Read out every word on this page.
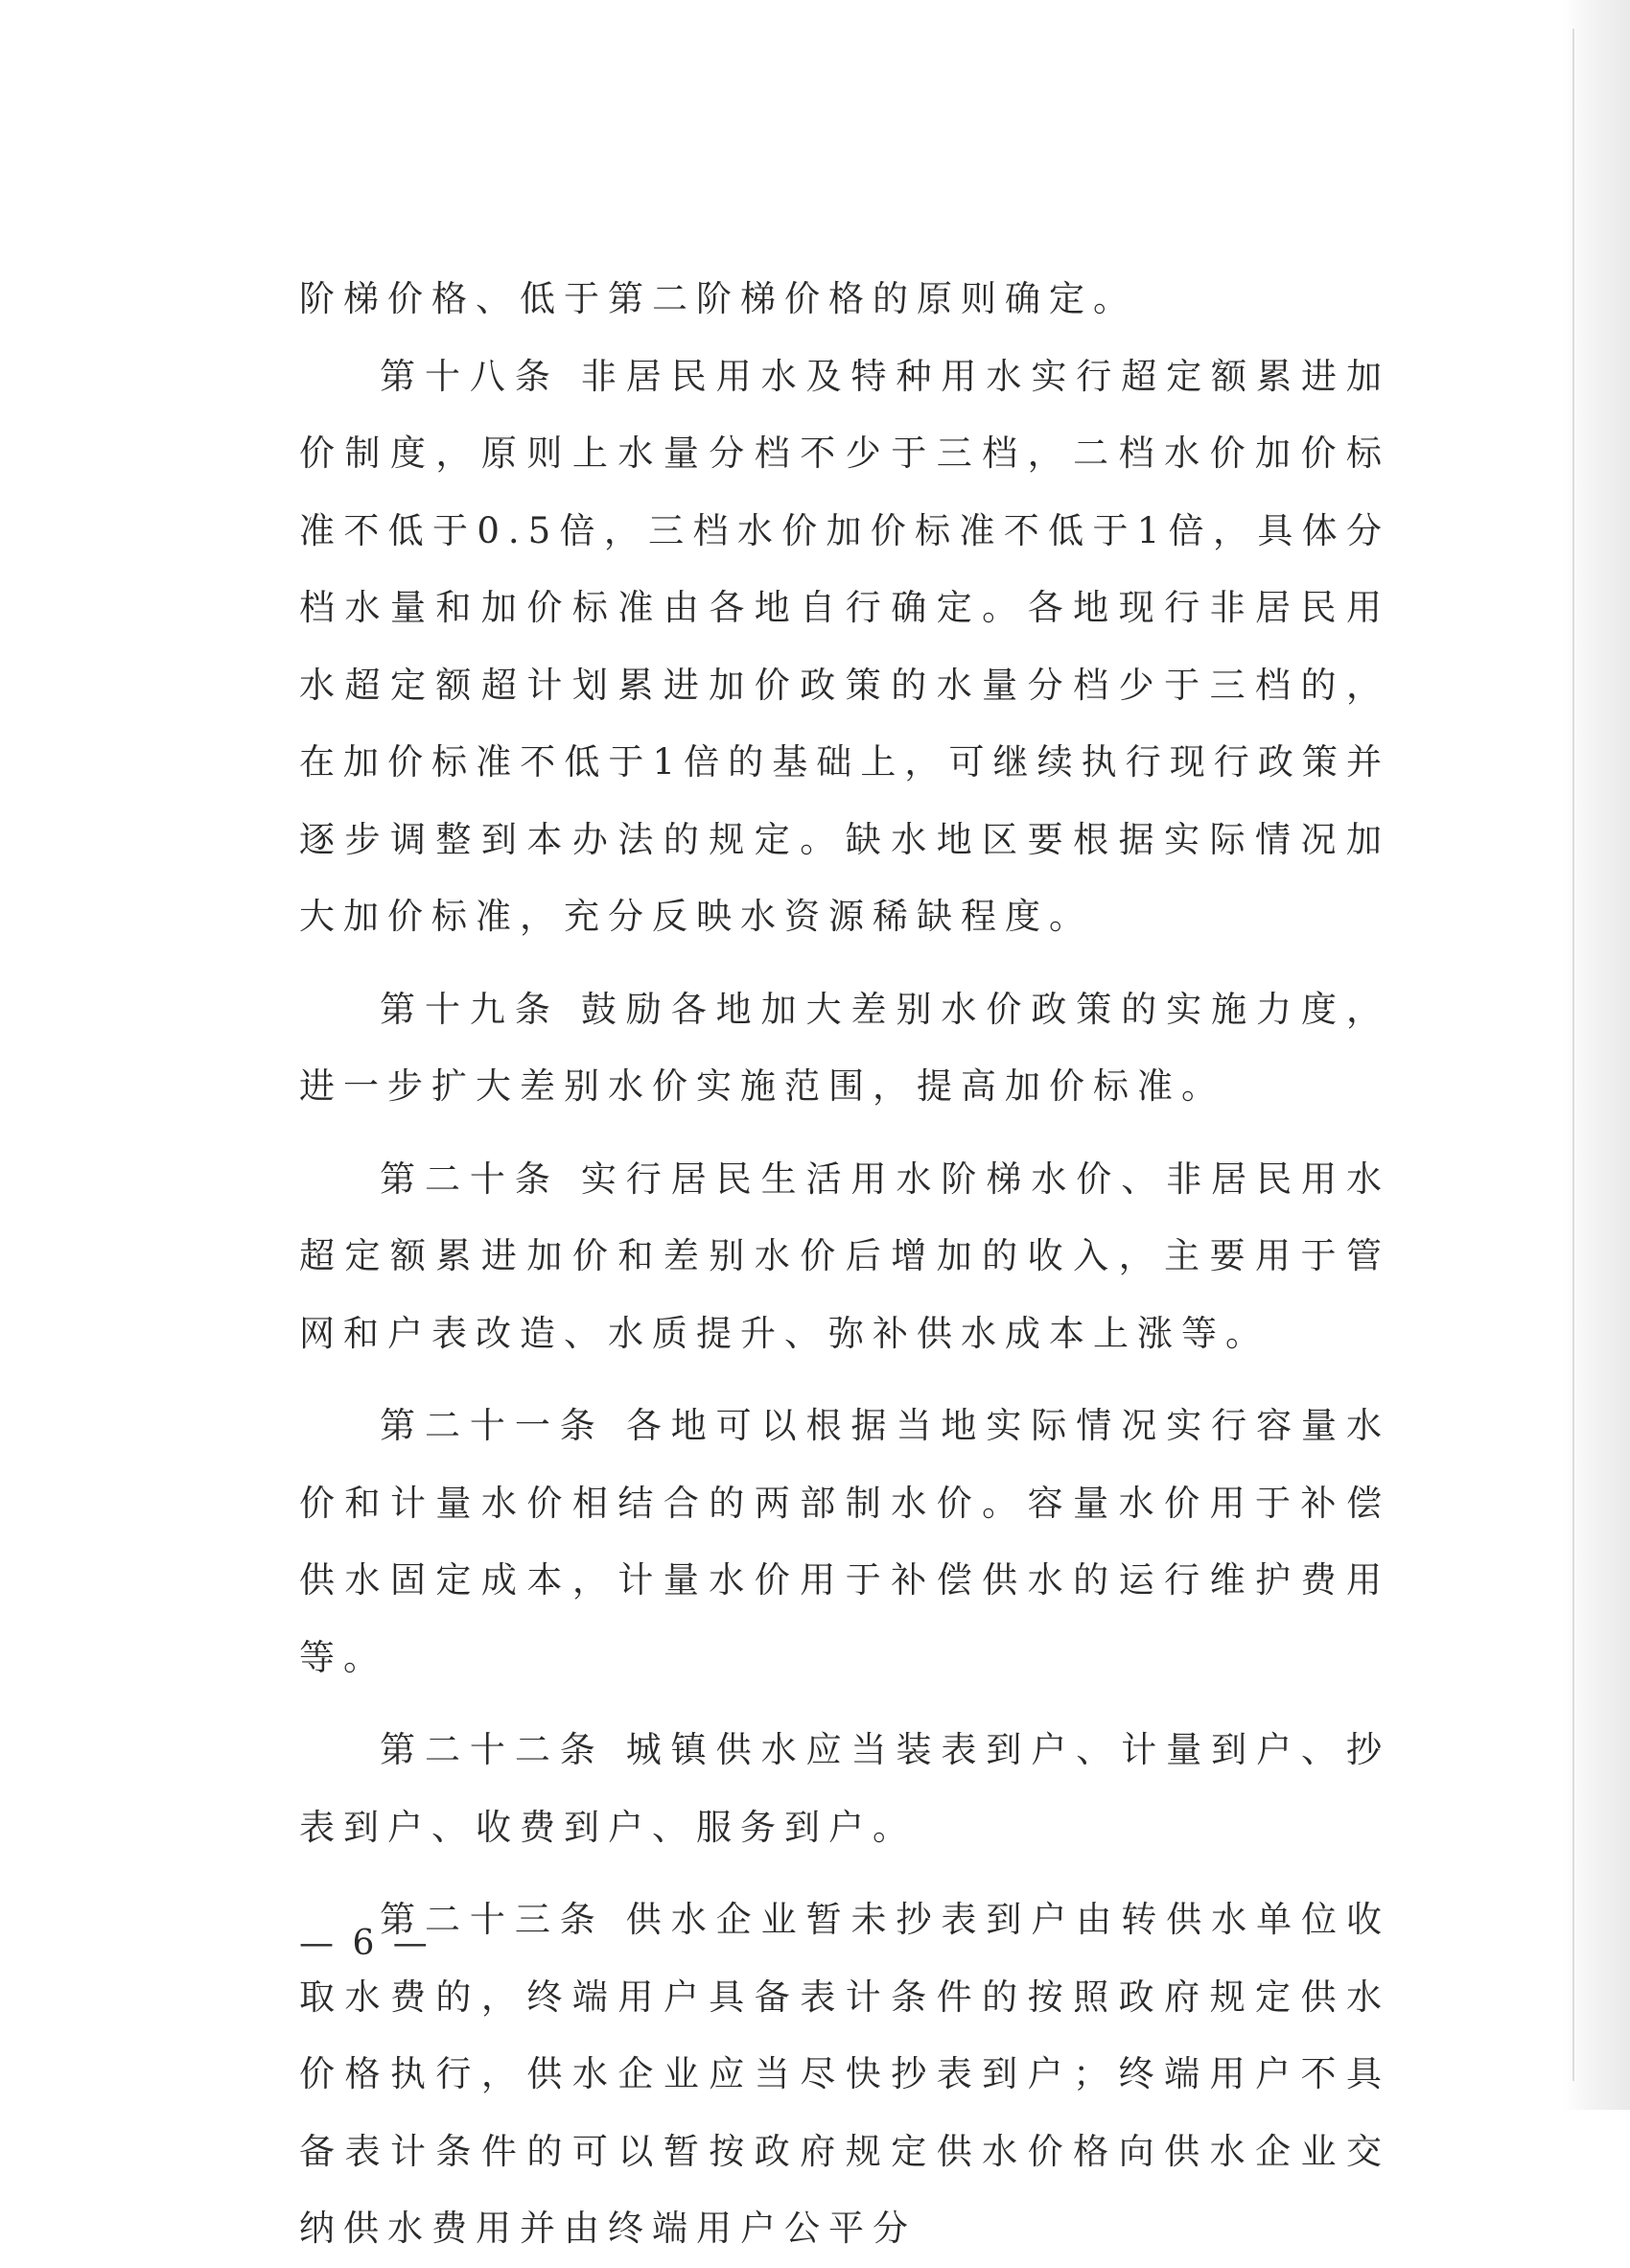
阶梯价格、低于第二阶梯价格的原则确定。

第十八条 非居民用水及特种用水实行超定额累进加价制度，原则上水量分档不少于三档，二档水价加价标准不低于0.5倍，三档水价加价标准不低于1倍，具体分档水量和加价标准由各地自行确定。各地现行非居民用水超定额超计划累进加价政策的水量分档少于三档的，在加价标准不低于1倍的基础上，可继续执行现行政策并逐步调整到本办法的规定。缺水地区要根据实际情况加大加价标准，充分反映水资源稀缺程度。

第十九条 鼓励各地加大差别水价政策的实施力度，进一步扩大差别水价实施范围，提高加价标准。

第二十条 实行居民生活用水阶梯水价、非居民用水超定额累进加价和差别水价后增加的收入，主要用于管网和户表改造、水质提升、弥补供水成本上涨等。

第二十一条 各地可以根据当地实际情况实行容量水价和计量水价相结合的两部制水价。容量水价用于补偿供水固定成本，计量水价用于补偿供水的运行维护费用等。

第二十二条 城镇供水应当装表到户、计量到户、抄表到户、收费到户、服务到户。

第二十三条 供水企业暂未抄表到户由转供水单位收取水费的，终端用户具备表计条件的按照政府规定供水价格执行，供水企业应当尽快抄表到户；终端用户不具备表计条件的可以暂按政府规定供水价格向供水企业交纳供水费用并由终端用户公平分

— 6 —
